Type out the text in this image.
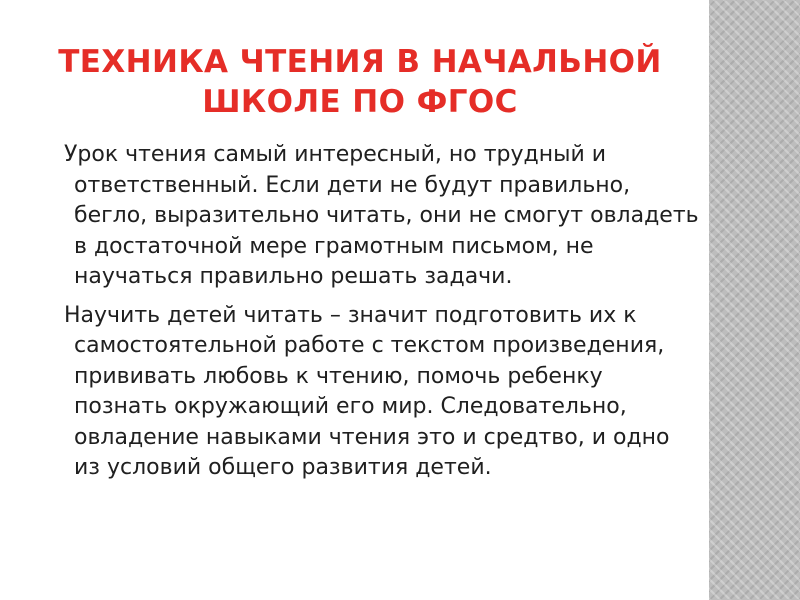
ТЕХНИКА ЧТЕНИЯ В НАЧАЛЬНОЙ ШКОЛЕ ПО ФГОС

Урок чтения самый интересный, но трудный и ответственный. Если дети не будут правильно, бегло, выразительно читать, они не смогут овладеть в достаточной мере грамотным письмом, не научаться правильно решать задачи.

Научить детей читать – значит подготовить их к самостоятельной работе с текстом произведения, прививать любовь к чтению, помочь ребенку познать окружающий его мир. Следовательно, овладение навыками чтения это и средтво, и одно из условий общего развития детей.
